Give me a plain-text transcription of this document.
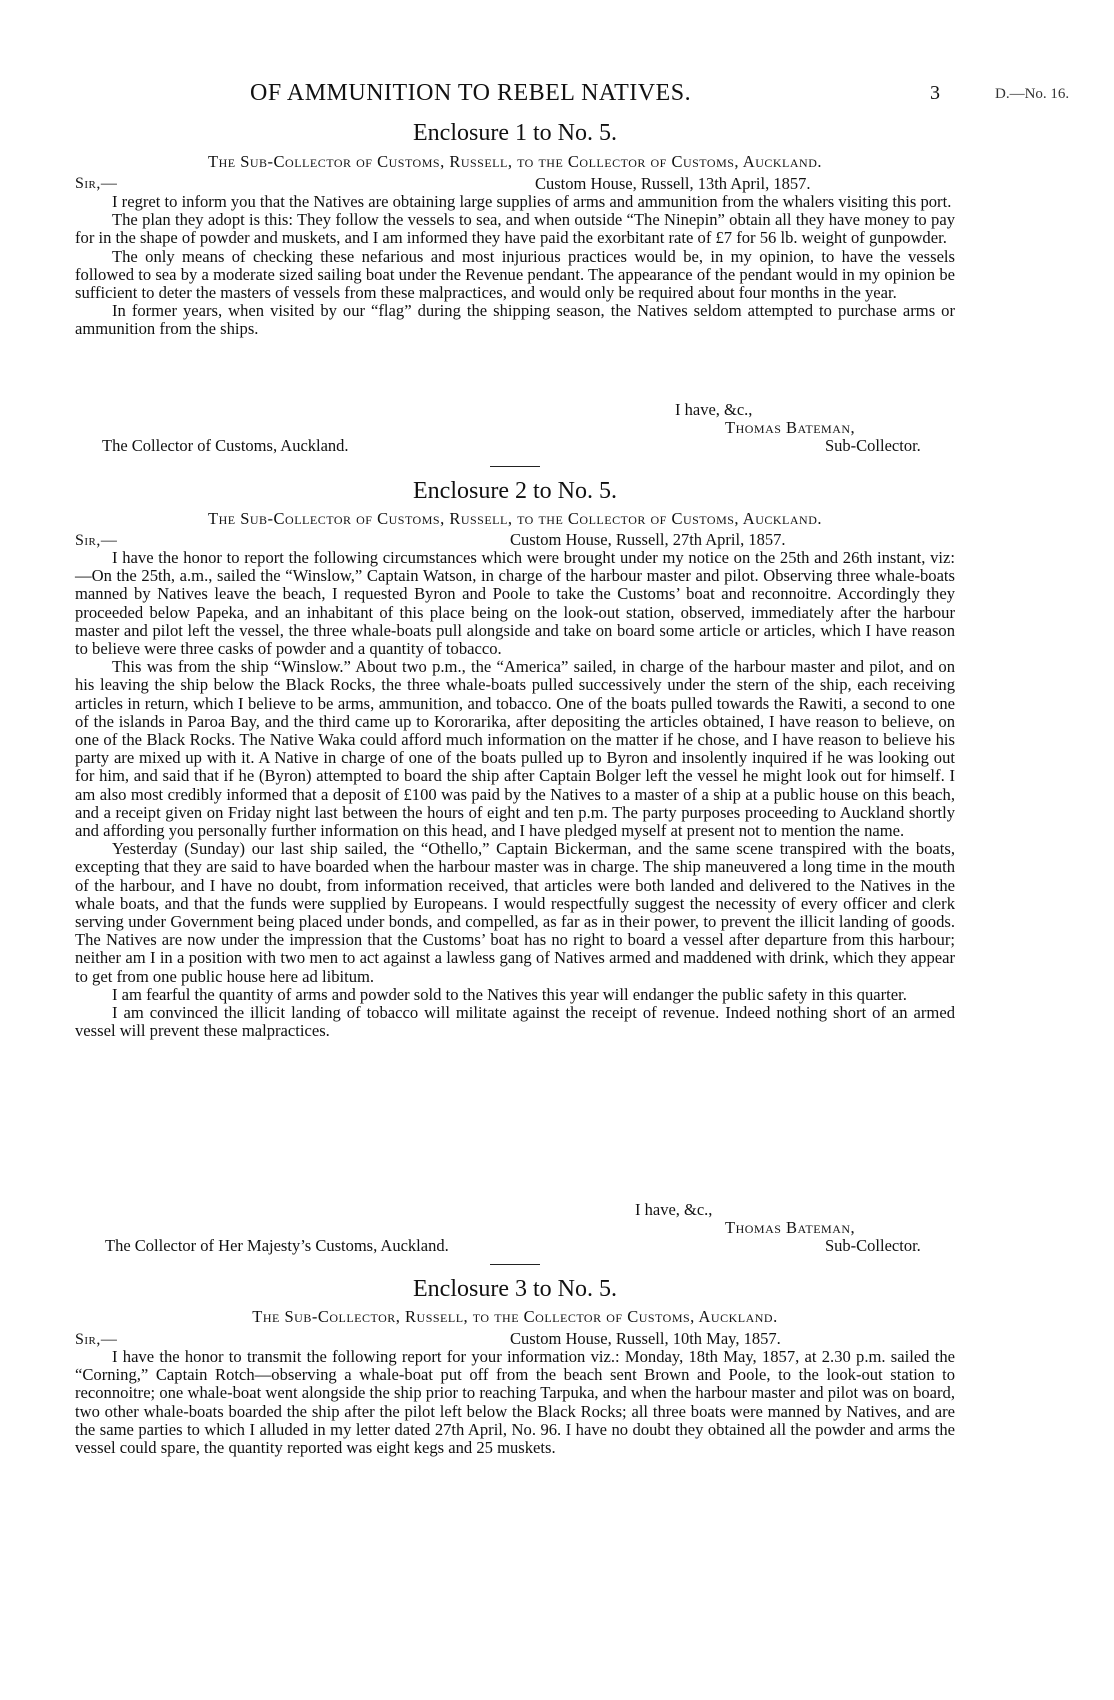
OF AMMUNITION TO REBEL NATIVES.	3	D.—No. 16.
Enclosure 1 to No. 5.
The Sub-Collector of Customs, Russell, to the Collector of Customs, Auckland.
Sir,—	Custom House, Russell, 13th April, 1857.

I regret to inform you that the Natives are obtaining large supplies of arms and ammunition from the whalers visiting this port.

The plan they adopt is this: They follow the vessels to sea, and when outside “The Ninepin” obtain all they have money to pay for in the shape of powder and muskets, and I am informed they have paid the exorbitant rate of £7 for 56 lb. weight of gunpowder.

The only means of checking these nefarious and most injurious practices would be, in my opinion, to have the vessels followed to sea by a moderate sized sailing boat under the Revenue pendant. The appearance of the pendant would in my opinion be sufficient to deter the masters of vessels from these malpractices, and would only be required about four months in the year.

In former years, when visited by our “flag” during the shipping season, the Natives seldom attempted to purchase arms or ammunition from the ships.

I have, &c.,
Thomas Bateman,
The Collector of Customs, Auckland.	Sub-Collector.
Enclosure 2 to No. 5.
The Sub-Collector of Customs, Russell, to the Collector of Customs, Auckland.
Sir,—	Custom House, Russell, 27th April, 1857.

I have the honor to report the following circumstances which were brought under my notice on the 25th and 26th instant, viz:—On the 25th, a.m., sailed the “Winslow,” Captain Watson, in charge of the harbour master and pilot. Observing three whale-boats manned by Natives leave the beach, I requested Byron and Poole to take the Customs’ boat and reconnoitre. Accordingly they proceeded below Papeka, and an inhabitant of this place being on the look-out station, observed, immediately after the harbour master and pilot left the vessel, the three whale-boats pull alongside and take on board some article or articles, which I have reason to believe were three casks of powder and a quantity of tobacco.

This was from the ship “Winslow.” About two p.m., the “America” sailed, in charge of the harbour master and pilot, and on his leaving the ship below the Black Rocks, the three whale-boats pulled successively under the stern of the ship, each receiving articles in return, which I believe to be arms, ammunition, and tobacco. One of the boats pulled towards the Rawiti, a second to one of the islands in Paroa Bay, and the third came up to Kororarika, after depositing the articles obtained, I have reason to believe, on one of the Black Rocks. The Native Waka could afford much information on the matter if he chose, and I have reason to believe his party are mixed up with it. A Native in charge of one of the boats pulled up to Byron and insolently inquired if he was looking out for him, and said that if he (Byron) attempted to board the ship after Captain Bolger left the vessel he might look out for himself. I am also most credibly informed that a deposit of £100 was paid by the Natives to a master of a ship at a public house on this beach, and a receipt given on Friday night last between the hours of eight and ten p.m. The party purposes proceeding to Auckland shortly and affording you personally further information on this head, and I have pledged myself at present not to mention the name.

Yesterday (Sunday) our last ship sailed, the “Othello,” Captain Bickerman, and the same scene transpired with the boats, excepting that they are said to have boarded when the harbour master was in charge. The ship maneuvered a long time in the mouth of the harbour, and I have no doubt, from information received, that articles were both landed and delivered to the Natives in the whale boats, and that the funds were supplied by Europeans. I would respectfully suggest the necessity of every officer and clerk serving under Government being placed under bonds, and compelled, as far as in their power, to prevent the illicit landing of goods. The Natives are now under the impression that the Customs’ boat has no right to board a vessel after departure from this harbour; neither am I in a position with two men to act against a lawless gang of Natives armed and maddened with drink, which they appear to get from one public house here ad libitum.

I am fearful the quantity of arms and powder sold to the Natives this year will endanger the public safety in this quarter.

I am convinced the illicit landing of tobacco will militate against the receipt of revenue. Indeed nothing short of an armed vessel will prevent these malpractices.

I have, &c.,
Thomas Bateman,
The Collector of Her Majesty’s Customs, Auckland.	Sub-Collector.
Enclosure 3 to No. 5.
The Sub-Collector, Russell, to the Collector of Customs, Auckland.
Sir,—	Custom House, Russell, 10th May, 1857.

I have the honor to transmit the following report for your information viz.: Monday, 18th May, 1857, at 2.30 p.m. sailed the “Corning,” Captain Rotch—observing a whale-boat put off from the beach sent Brown and Poole, to the look-out station to reconnoitre; one whale-boat went alongside the ship prior to reaching Tarpuka, and when the harbour master and pilot was on board, two other whale-boats boarded the ship after the pilot left below the Black Rocks; all three boats were manned by Natives, and are the same parties to which I alluded in my letter dated 27th April, No. 96. I have no doubt they obtained all the powder and arms the vessel could spare, the quantity reported was eight kegs and 25 muskets.
